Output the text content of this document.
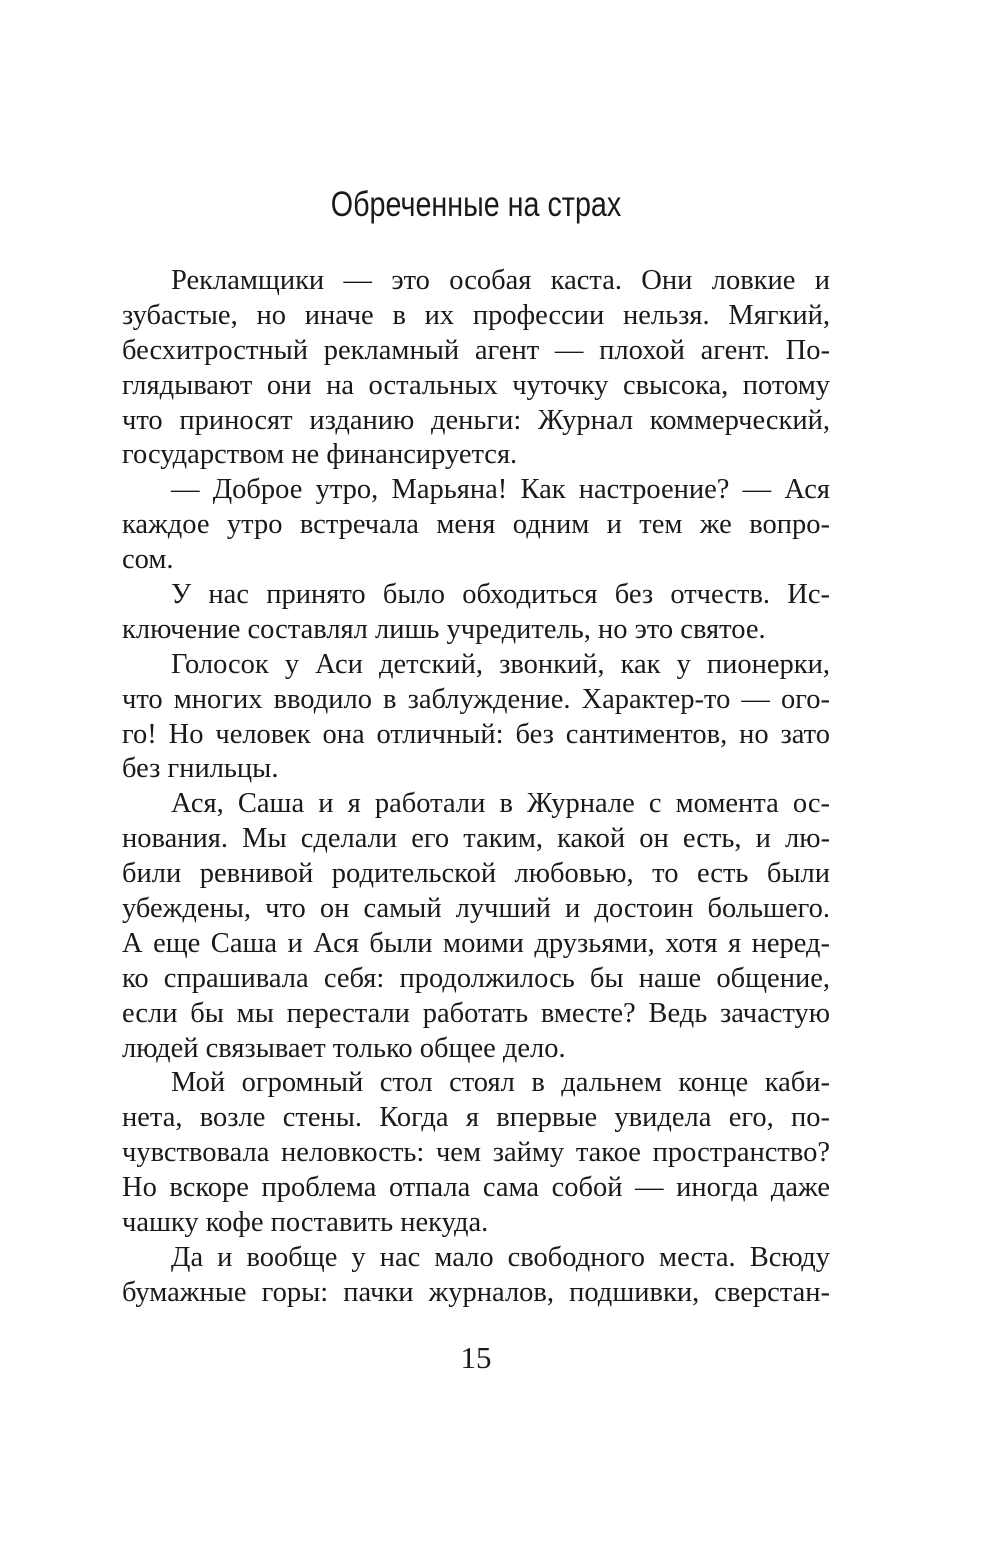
Обреченные на страх
Рекламщики — это особая каста. Они ловкие и
зубастые, но иначе в их профессии нельзя. Мягкий,
бесхитростный рекламный агент — плохой агент. По-
глядывают они на остальных чуточку свысока, потому
что приносят изданию деньги: Журнал коммерческий,
государством не финансируется.
— Доброе утро, Марьяна! Как настроение? — Ася
каждое утро встречала меня одним и тем же вопро-
сом.
У нас принято было обходиться без отчеств. Ис-
ключение составлял лишь учредитель, но это святое.
Голосок у Аси детский, звонкий, как у пионерки,
что многих вводило в заблуждение. Характер-то — ого-
го! Но человек она отличный: без сантиментов, но зато
без гнильцы.
Ася, Саша и я работали в Журнале с момента ос-
нования. Мы сделали его таким, какой он есть, и лю-
били ревнивой родительской любовью, то есть были
убеждены, что он самый лучший и достоин большего.
А еще Саша и Ася были моими друзьями, хотя я неред-
ко спрашивала себя: продолжилось бы наше общение,
если бы мы перестали работать вместе? Ведь зачастую
людей связывает только общее дело.
Мой огромный стол стоял в дальнем конце каби-
нета, возле стены. Когда я впервые увидела его, по-
чувствовала неловкость: чем займу такое пространство?
Но вскоре проблема отпала сама собой — иногда даже
чашку кофе поставить некуда.
Да и вообще у нас мало свободного места. Всюду
бумажные горы: пачки журналов, подшивки, сверстан-
15
